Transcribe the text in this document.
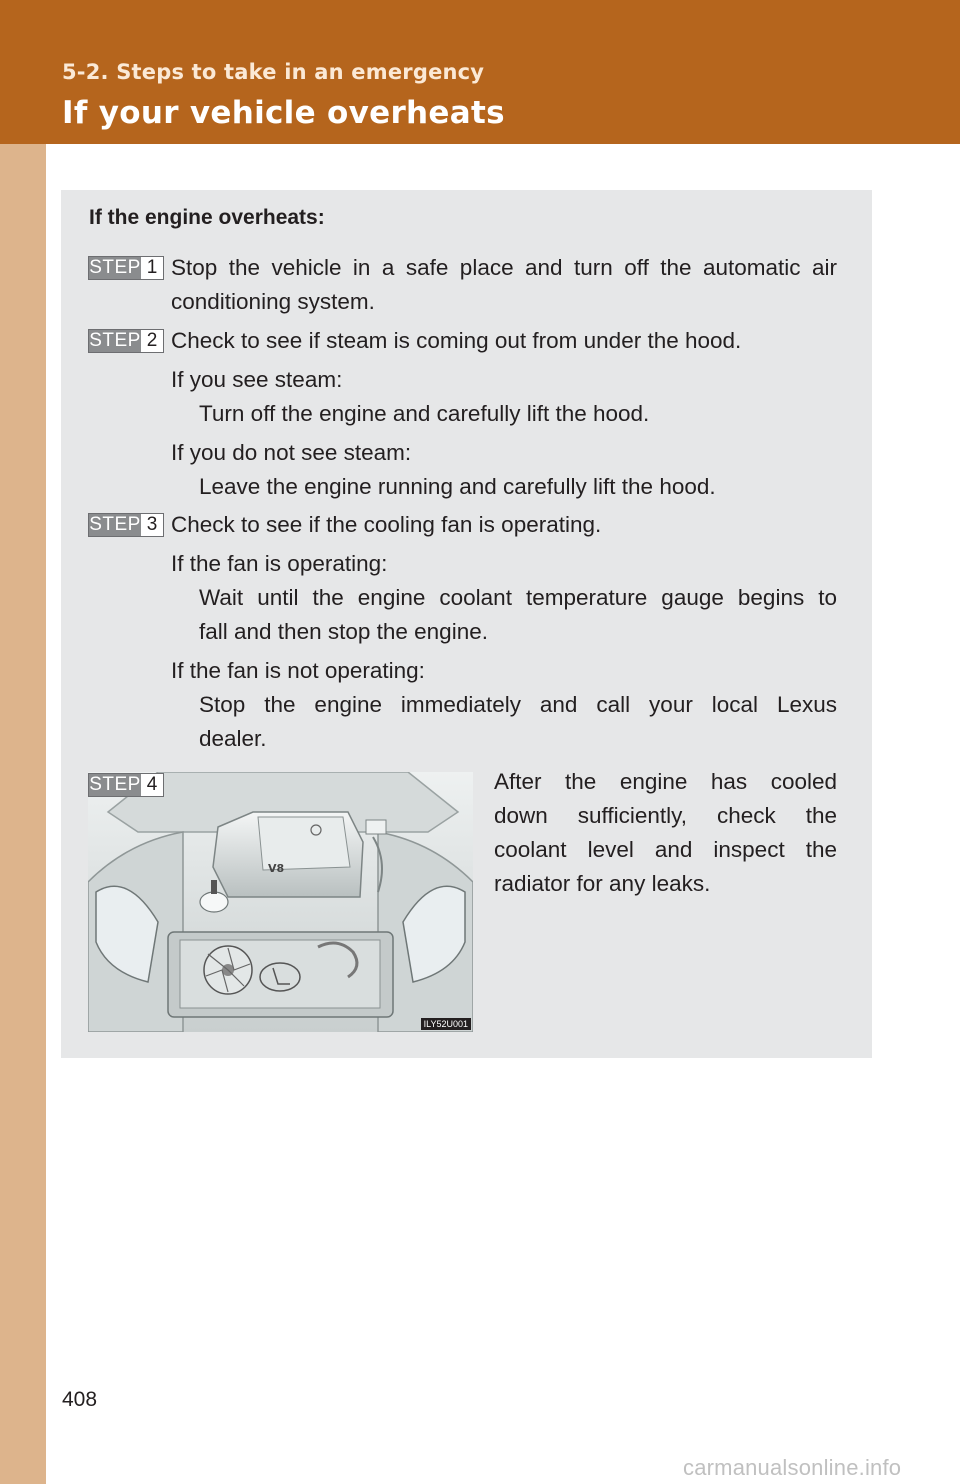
5-2. Steps to take in an emergency
If your vehicle overheats
If the engine overheats:
STEP 1 Stop the vehicle in a safe place and turn off the automatic air
conditioning system.
STEP 2 Check to see if steam is coming out from under the hood.
If you see steam:
Turn off the engine and carefully lift the hood.
If you do not see steam:
Leave the engine running and carefully lift the hood.
STEP 3 Check to see if the cooling fan is operating.
If the fan is operating:
Wait until the engine coolant temperature gauge begins to
fall and then stop the engine.
If the fan is not operating:
Stop the engine immediately and call your local Lexus
dealer.
V8
ILY52U001
STEP 4	After the engine has cooled
down sufficiently, check the
coolant level and inspect the
radiator for any leaks.
408
carmanualsonline.info
